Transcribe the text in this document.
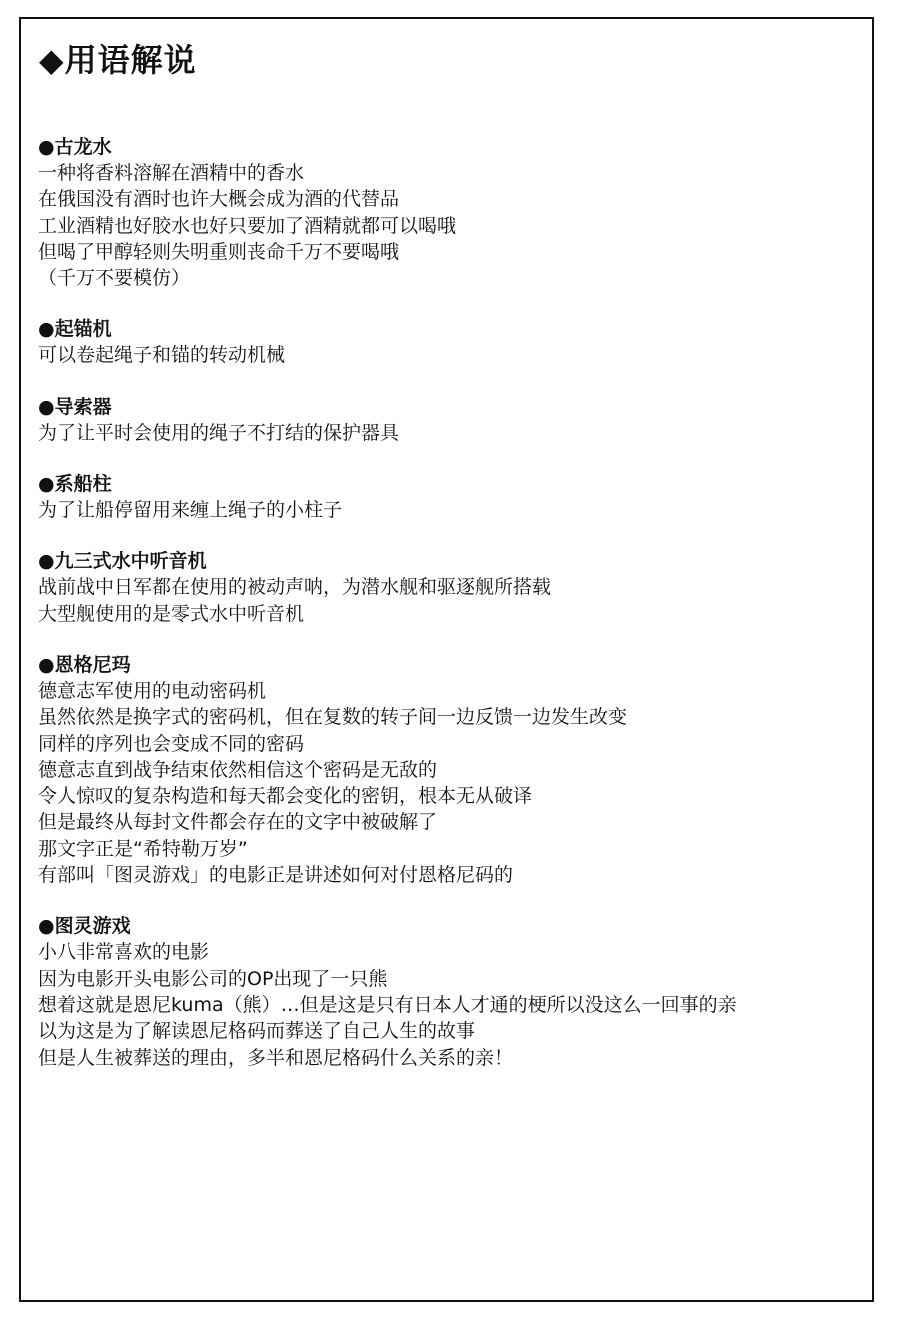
◆用语解说
●古龙水
一种将香料溶解在酒精中的香水
在俄国没有酒时也许大概会成为酒的代替品
工业酒精也好胶水也好只要加了酒精就都可以喝哦
但喝了甲醇轻则失明重则丧命千万不要喝哦
（千万不要模仿）
●起锚机
可以卷起绳子和锚的转动机械
●导索器
为了让平时会使用的绳子不打结的保护器具
●系船柱
为了让船停留用来缠上绳子的小柱子
●九三式水中听音机
战前战中日军都在使用的被动声呐，为潜水舰和驱逐舰所搭载
大型舰使用的是零式水中听音机
●恩格尼玛
德意志军使用的电动密码机
虽然依然是换字式的密码机，但在复数的转子间一边反馈一边发生改变
同样的序列也会变成不同的密码
德意志直到战争结束依然相信这个密码是无敌的
令人惊叹的复杂构造和每天都会变化的密钥，根本无从破译
但是最终从每封文件都会存在的文字中被破解了
那文字正是“希特勒万岁”
有部叫「图灵游戏」的电影正是讲述如何对付恩格尼码的
●图灵游戏
小八非常喜欢的电影
因为电影开头电影公司的OP出现了一只熊
想着这就是恩尼kuma（熊）…但是这是只有日本人才通的梗所以没这么一回事的亲
以为这是为了解读恩尼格码而葬送了自己人生的故事
但是人生被葬送的理由，多半和恩尼格码什么关系的亲！
